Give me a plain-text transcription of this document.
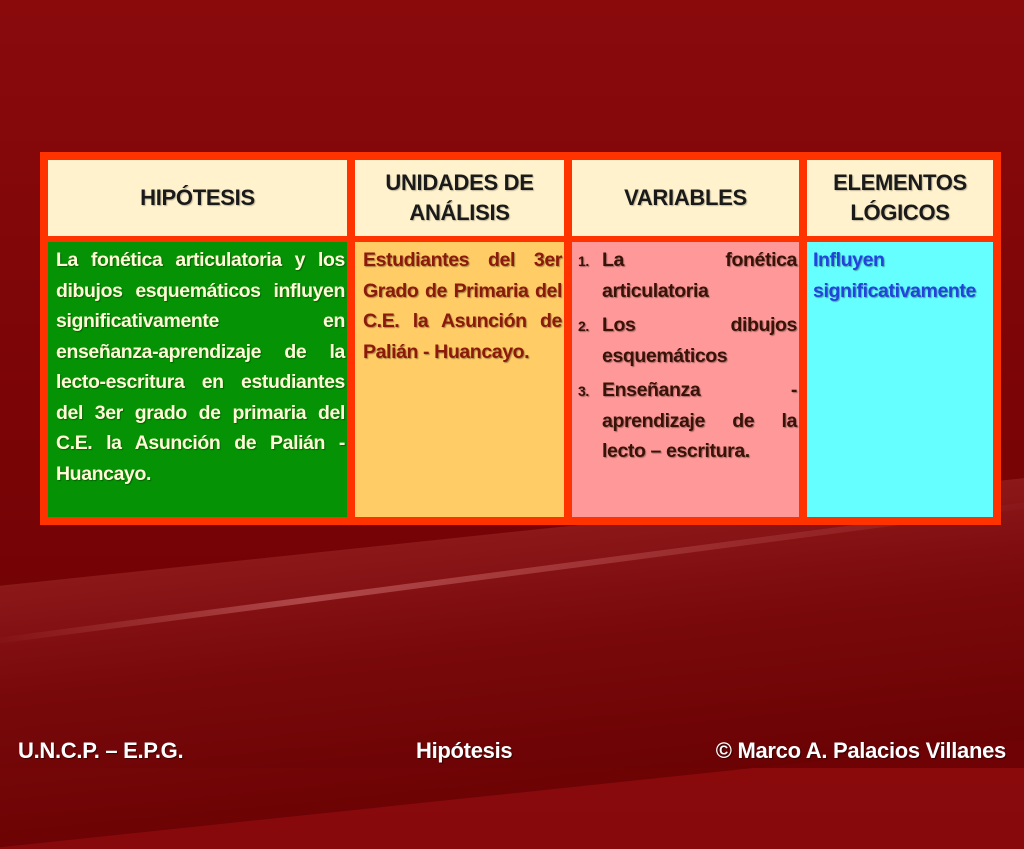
HIPÓTESIS
UNIDADES DE
ANÁLISIS
VARIABLES
ELEMENTOS
LÓGICOS
La fonética articulatoria y los dibujos esquemáticos influyen significativamente en enseñanza-aprendizaje de la lecto-escritura en estudiantes del 3er grado de primaria del C.E. la Asunción de Palián - Huancayo.
Estudiantes del 3er Grado de Primaria del C.E. la Asunción de Palián - Huancayo.
1. La fonética articulatoria
2. Los dibujos esquemáticos
3. Enseñanza - aprendizaje de la lecto – escritura.
Influyen significativamente
U.N.C.P. – E.P.G.	Hipótesis	© Marco A. Palacios Villanes
